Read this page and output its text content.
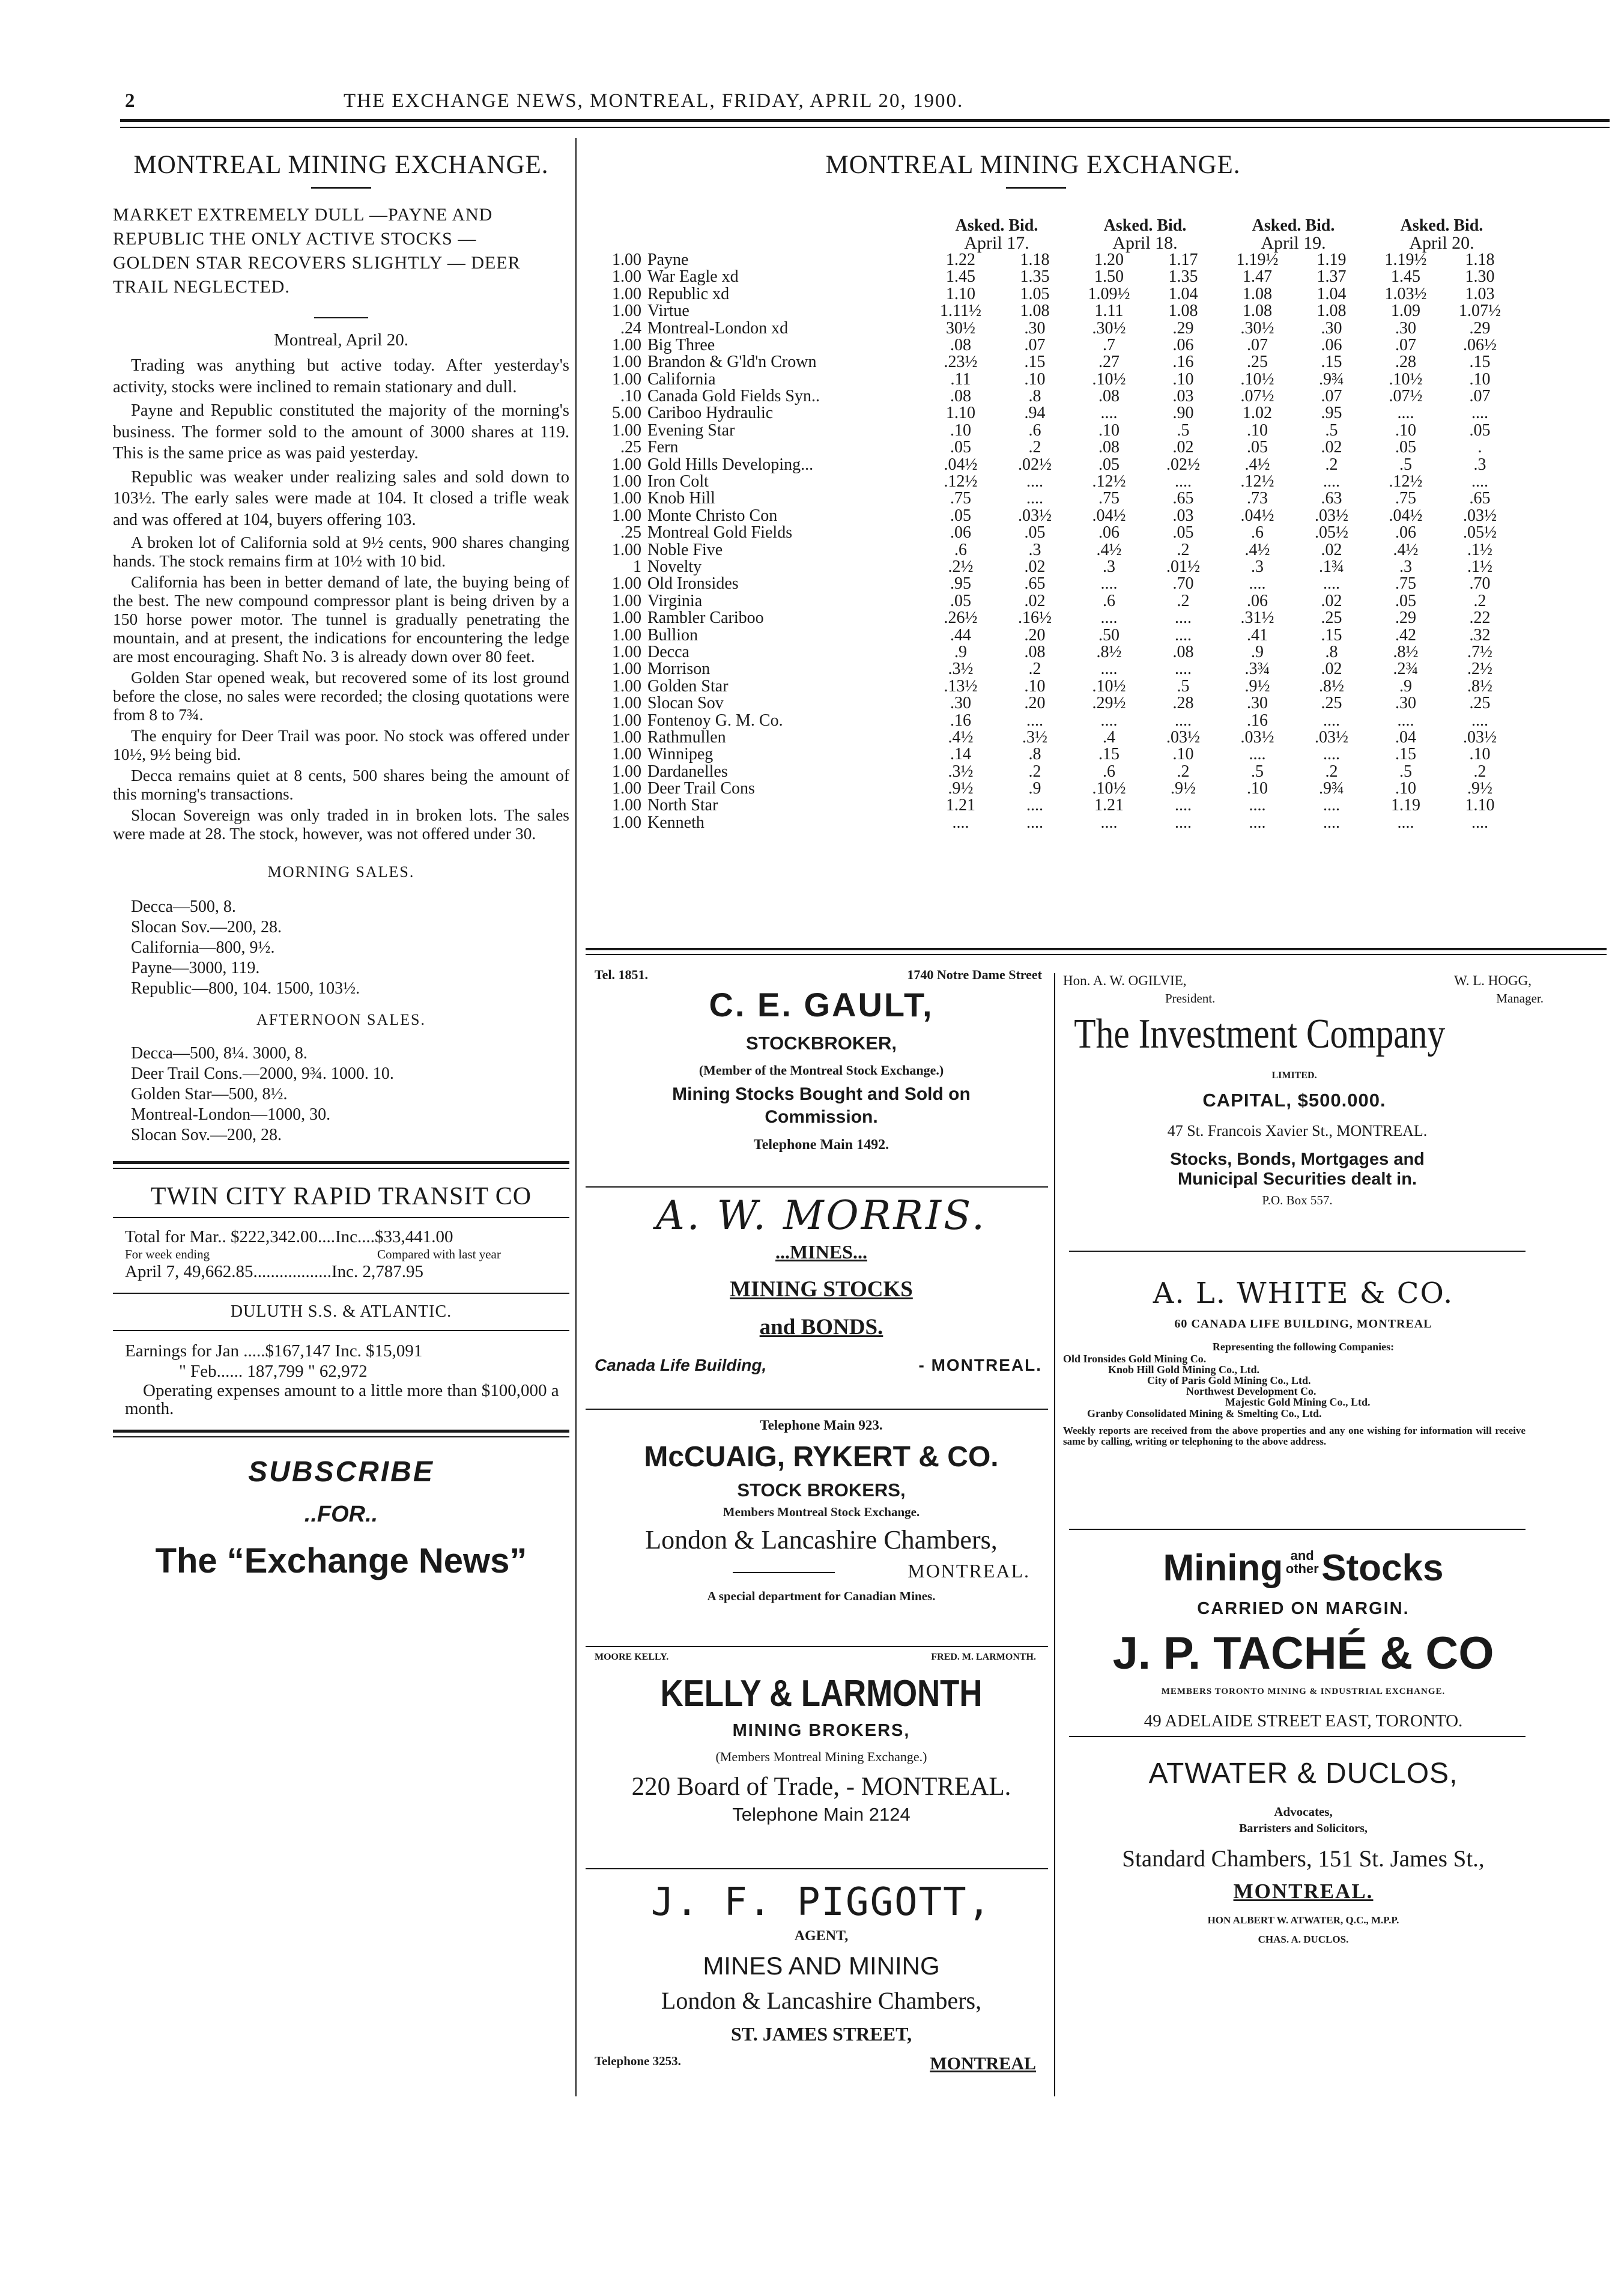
2	THE EXCHANGE NEWS, MONTREAL, FRIDAY, APRIL 20, 1900.
MONTREAL MINING EXCHANGE.
MARKET EXTREMELY DULL —PAYNE AND REPUBLIC THE ONLY ACTIVE STOCKS — GOLDEN STAR RECOVERS SLIGHTLY — DEER TRAIL NEGLECTED.
Montreal, April 20.

Trading was anything but active today. After yesterday's activity, stocks were inclined to remain stationary and dull.

Payne and Republic constituted the majority of the morning's business. The former sold to the amount of 3000 shares at 119. This is the same price as was paid yesterday.

Republic was weaker under realizing sales and sold down to 103½. The early sales were made at 104. It closed a trifle weak and was offered at 104, buyers offering 103.

A broken lot of California sold at 9½ cents, 900 shares changing hands. The stock remains firm at 10½ with 10 bid.

California has been in better demand of late, the buying being of the best. The new compound compressor plant is being driven by a 150 horse power motor. The tunnel is gradually penetrating the mountain, and at present, the indications for encountering the ledge are most encouraging. Shaft No. 3 is already down over 80 feet.

Golden Star opened weak, but recovered some of its lost ground before the close, no sales were recorded; the closing quotations were from 8 to 7¾.

The enquiry for Deer Trail was poor. No stock was offered under 10½, 9½ being bid.

Decca remains quiet at 8 cents, 500 shares being the amount of this morning's transactions.

Slocan Sovereign was only traded in in broken lots. The sales were made at 28. The stock, however, was not offered under 30.

MORNING SALES.
Decca—500, 8.
Slocan Sov.—200, 28.
California—800, 9½.
Payne—3000, 119.
Republic—800, 104. 1500, 103½.
AFTERNOON SALES.
Decca—500, 8¼. 3000, 8.
Deer Trail Cons.—2000, 9¾. 1000. 10.
Golden Star—500, 8½.
Montreal-London—1000, 30.
Slocan Sov.—200, 28.
TWIN CITY RAPID TRANSIT CO
Total for Mar.. $222,342.00....Inc....$33,441.00
For week ending	Compared with last year
April 7, 49,662.85..................Inc. 2,787.95
DULUTH S.S. & ATLANTIC.
Earnings for Jan .....$167,147 Inc. $15,091
" Feb...... 187,799 " 62,972
Operating expenses amount to a little more than $100,000 a month.
SUBSCRIBE
..FOR..
The “Exchange News”
MONTREAL MINING EXCHANGE.
		Asked. Bid.		Asked. Bid.		Asked. Bid.		Asked. Bid.	
		April 17.		April 18.		April 19.		April 20.	
1.00	Payne	1.22	1.18	1.20	1.17	1.19½	1.19	1.19½	1.18
1.00	War Eagle xd	1.45	1.35	1.50	1.35	1.47	1.37	1.45	1.30
1.00	Republic xd	1.10	1.05	1.09½	1.04	1.08	1.04	1.03½	1.03
1.00	Virtue	1.11½	1.08	1.11	1.08	1.08	1.08	1.09	1.07½
.24	Montreal-London xd	30½	.30	.30½	.29	.30½	.30	.30	.29
1.00	Big Three	.08	.07	.7	.06	.07	.06	.07	.06½
1.00	Brandon & G'ld'n Crown	.23½	.15	.27	.16	.25	.15	.28	.15
1.00	California	.11	.10	.10½	.10	.10½	.9¾	.10½	.10
.10	Canada Gold Fields Syn..	.08	.8	.08	.03	.07½	.07	.07½	.07
5.00	Cariboo Hydraulic	1.10	.94	....	.90	1.02	.95	....	....
1.00	Evening Star	.10	.6	.10	.5	.10	.5	.10	.05
.25	Fern	.05	.2	.08	.02	.05	.02	.05	.
1.00	Gold Hills Developing...	.04½	.02½	.05	.02½	.4½	.2	.5	.3
1.00	Iron Colt	.12½	....	.12½	....	.12½	....	.12½	....
1.00	Knob Hill	.75	....	.75	.65	.73	.63	.75	.65
1.00	Monte Christo Con	.05	.03½	.04½	.03	.04½	.03½	.04½	.03½
.25	Montreal Gold Fields	.06	.05	.06	.05	.6	.05½	.06	.05½
1.00	Noble Five	.6	.3	.4½	.2	.4½	.02	.4½	.1½
1	Novelty	.2½	.02	.3	.01½	.3	.1¾	.3	.1½
1.00	Old Ironsides	.95	.65	....	.70	....	....	.75	.70
1.00	Virginia	.05	.02	.6	.2	.06	.02	.05	.2
1.00	Rambler Cariboo	.26½	.16½	....	....	.31½	.25	.29	.22
1.00	Bullion	.44	.20	.50	....	.41	.15	.42	.32
1.00	Decca	.9	.08	.8½	.08	.9	.8	.8½	.7½
1.00	Morrison	.3½	.2	....	....	.3¾	.02	.2¾	.2½
1.00	Golden Star	.13½	.10	.10½	.5	.9½	.8½	.9	.8½
1.00	Slocan Sov	.30	.20	.29½	.28	.30	.25	.30	.25
1.00	Fontenoy G. M. Co.	.16	....	....	....	.16	....	....	....
1.00	Rathmullen	.4½	.3½	.4	.03½	.03½	.03½	.04	.03½
1.00	Winnipeg	.14	.8	.15	.10	....	....	.15	.10
1.00	Dardanelles	.3½	.2	.6	.2	.5	.2	.5	.2
1.00	Deer Trail Cons	.9½	.9	.10½	.9½	.10	.9¾	.10	.9½
1.00	North Star	1.21	....	1.21	....	....	....	1.19	1.10
1.00	Kenneth	....	....	....	....	....	....	....	....
Tel. 1851.	1740 Notre Dame Street
C. E. GAULT,
STOCKBROKER,
(Member of the Montreal Stock Exchange.)
Mining Stocks Bought and Sold on
Commission.
Telephone Main 1492.
A. W. MORRIS.
...MINES...
MINING STOCKS
and BONDS.
Canada Life Building,	- MONTREAL.
Telephone Main 923.
McCUAIG, RYKERT & CO.
STOCK BROKERS,
Members Montreal Stock Exchange.
London & Lancashire Chambers,
MONTREAL.
A special department for Canadian Mines.
MOORE KELLY.	FRED. M. LARMONTH.
KELLY & LARMONTH
MINING BROKERS,
(Members Montreal Mining Exchange.)
220 Board of Trade, - MONTREAL.
Telephone Main 2124
J. F. PIGGOTT,
AGENT,
MINES AND MINING
London & Lancashire Chambers,
ST. JAMES STREET,
Telephone 3253.	MONTREAL
Hon. A. W. OGILVIE,	W. L. HOGG,
President.	Manager.
The Investment Company
LIMITED.
CAPITAL, $500.000.
47 St. Francois Xavier St., MONTREAL.
Stocks, Bonds, Mortgages and
Municipal Securities dealt in.
P.O. Box 557.
A. L. WHITE & CO.
60 CANADA LIFE BUILDING, MONTREAL
Representing the following Companies:
Old Ironsides Gold Mining Co.
Knob Hill Gold Mining Co., Ltd.
City of Paris Gold Mining Co., Ltd.
Northwest Development Co.
Majestic Gold Mining Co., Ltd.
Granby Consolidated Mining & Smelting Co., Ltd.
Weekly reports are received from the above properties and any one wishing for information will receive same by calling, writing or telephoning to the above address.
Mining and
other Stocks
CARRIED ON MARGIN.
J. P. TACHÉ & CO
MEMBERS TORONTO MINING & INDUSTRIAL EXCHANGE.
49 ADELAIDE STREET EAST, TORONTO.
ATWATER & DUCLOS,
Advocates,
Barristers and Solicitors,
Standard Chambers, 151 St. James St.,
MONTREAL.
HON ALBERT W. ATWATER, Q.C., M.P.P.
CHAS. A. DUCLOS.
